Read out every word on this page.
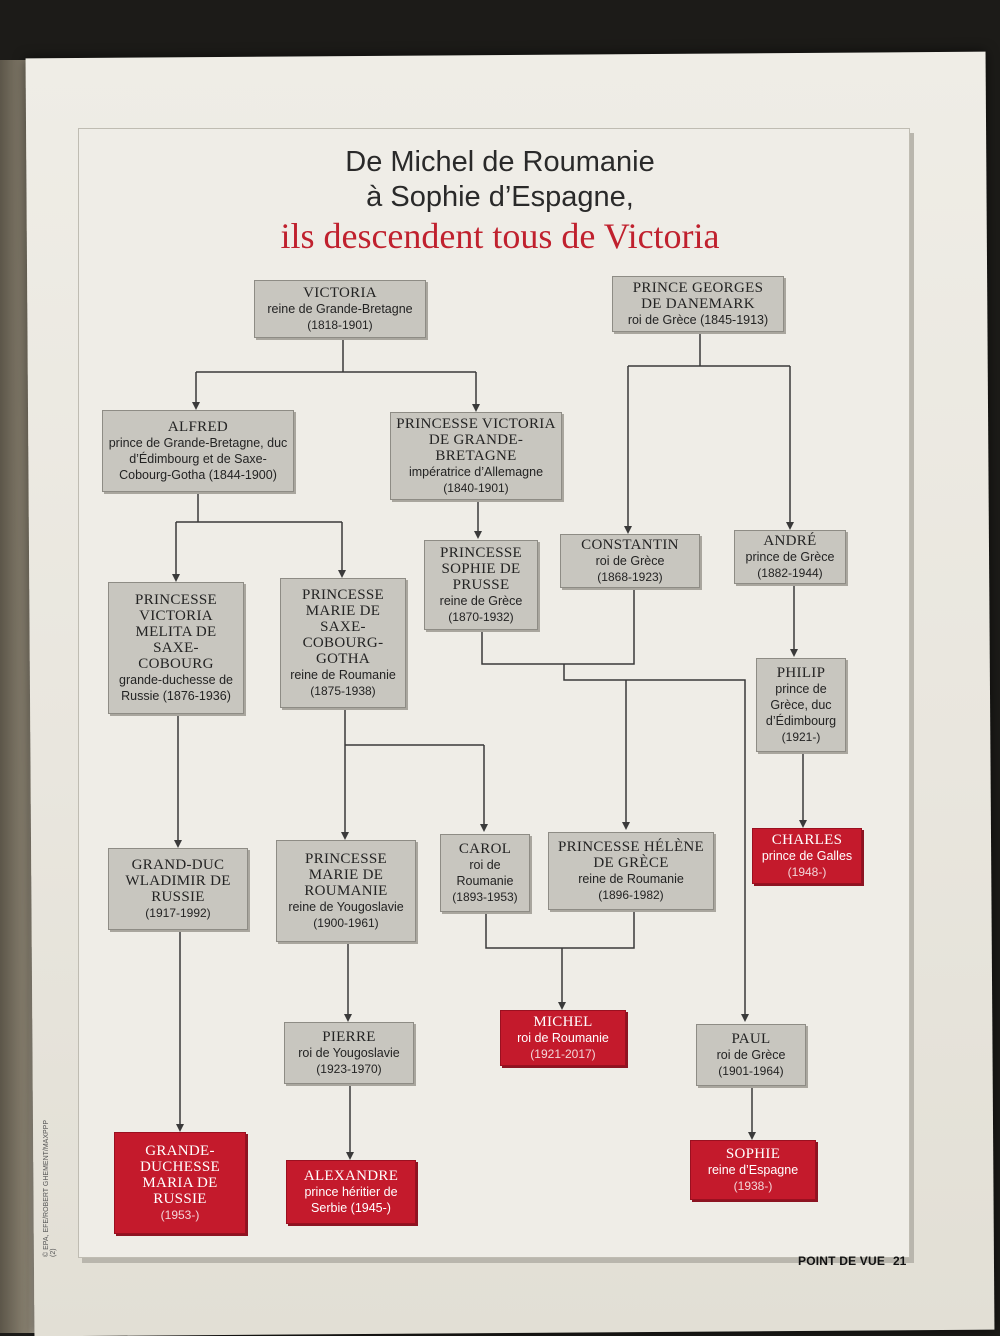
De Michel de Roumanie
à Sophie d’Espagne,
ils descendent tous de Victoria
VICTORIA
reine de Grande-Bretagne
(1818-1901)
PRINCE GEORGES DE DANEMARK
roi de Grèce (1845-1913)
ALFRED
prince de Grande-Bretagne, duc d’Édimbourg et de Saxe-Cobourg-Gotha (1844-1900)
PRINCESSE VICTORIA DE GRANDE-BRETAGNE
impératrice d’Allemagne
(1840-1901)
PRINCESSE SOPHIE DE PRUSSE
reine de Grèce
(1870-1932)
CONSTANTIN
roi de Grèce
(1868-1923)
ANDRÉ
prince de Grèce
(1882-1944)
PRINCESSE VICTORIA MELITA DE SAXE-COBOURG
grande-duchesse de Russie (1876-1936)
PRINCESSE MARIE DE SAXE-COBOURG-GOTHA
reine de Roumanie
(1875-1938)
PHILIP
prince de Grèce, duc d’Édimbourg
(1921-)
CHARLES
prince de Galles
(1948-)
GRAND-DUC WLADIMIR DE RUSSIE
(1917-1992)
PRINCESSE MARIE DE ROUMANIE
reine de Yougoslavie
(1900-1961)
CAROL
roi de Roumanie
(1893-1953)
PRINCESSE HÉLÈNE DE GRÈCE
reine de Roumanie
(1896-1982)
PIERRE
roi de Yougoslavie
(1923-1970)
MICHEL
roi de Roumanie
(1921-2017)
PAUL
roi de Grèce
(1901-1964)
GRANDE-DUCHESSE MARIA DE RUSSIE
(1953-)
ALEXANDRE
prince héritier de Serbie (1945-)
SOPHIE
reine d’Espagne
(1938-)
POINT DE VUE 21
© EPA, EFE/ROBERT GHEMENT/MAXPPP (2)
